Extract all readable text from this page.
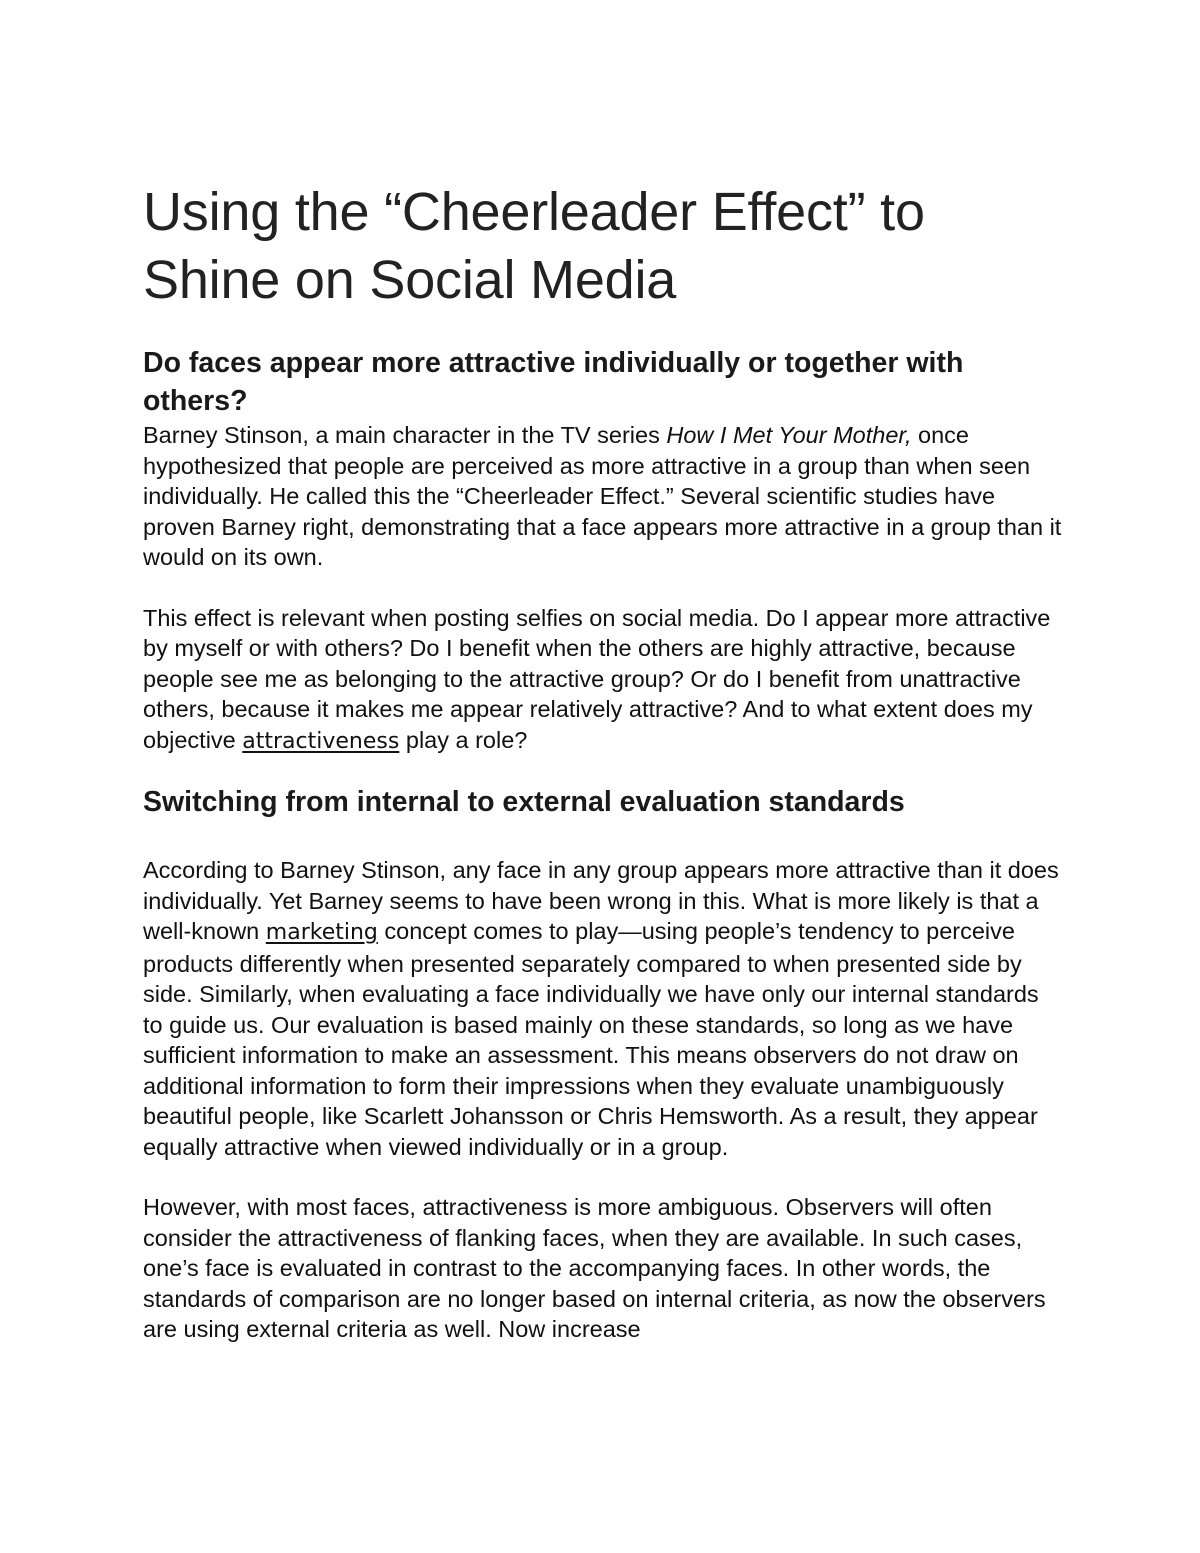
Using the “Cheerleader Effect” to Shine on Social Media
Do faces appear more attractive individually or together with others?

Barney Stinson, a main character in the TV series How I Met Your Mother, once hypothesized that people are perceived as more attractive in a group than when seen individually. He called this the “Cheerleader Effect.” Several scientific studies have proven Barney right, demonstrating that a face appears more attractive in a group than it would on its own.

This effect is relevant when posting selfies on social media. Do I appear more attractive by myself or with others? Do I benefit when the others are highly attractive, because people see me as belonging to the attractive group? Or do I benefit from unattractive others, because it makes me appear relatively attractive? And to what extent does my objective attractiveness play a role?

Switching from internal to external evaluation standards

According to Barney Stinson, any face in any group appears more attractive than it does individually. Yet Barney seems to have been wrong in this. What is more likely is that a well-known marketing concept comes to play—using people’s tendency to perceive products differently when presented separately compared to when presented side by side. Similarly, when evaluating a face individually we have only our internal standards to guide us. Our evaluation is based mainly on these standards, so long as we have sufficient information to make an assessment. This means observers do not draw on additional information to form their impressions when they evaluate unambiguously beautiful people, like Scarlett Johansson or Chris Hemsworth. As a result, they appear equally attractive when viewed individually or in a group.

However, with most faces, attractiveness is more ambiguous. Observers will often consider the attractiveness of flanking faces, when they are available. In such cases, one’s face is evaluated in contrast to the accompanying faces. In other words, the standards of comparison are no longer based on internal criteria, as now the observers are using external criteria as well. Now increase
